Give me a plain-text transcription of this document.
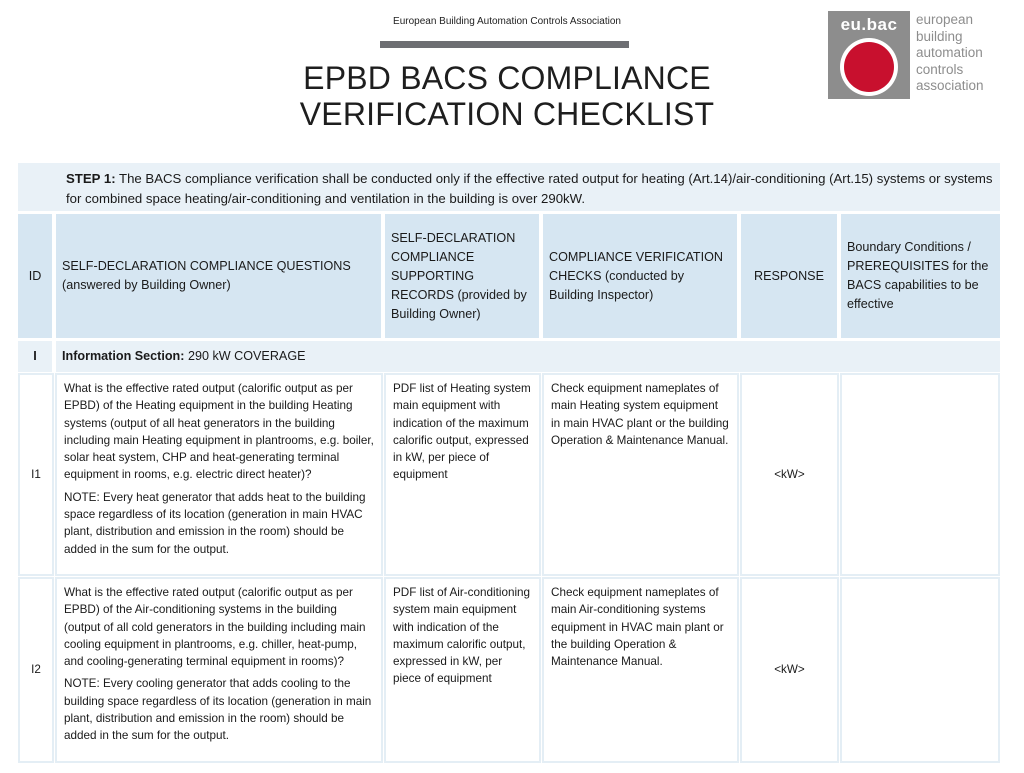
European Building Automation Controls Association
EPBD BACS COMPLIANCE
VERIFICATION CHECKLIST
eu.bac	european
building
automation
controls
association
STEP 1: The BACS compliance verification shall be conducted only if the effective rated output for heating (Art.14)/air-conditioning (Art.15) systems or systems for combined space heating/air-conditioning and ventilation in the building is over 290kW.
ID
SELF-DECLARATION COMPLIANCE QUESTIONS (answered by Building Owner)
SELF-DECLARATION COMPLIANCE SUPPORTING RECORDS (provided by Building Owner)
COMPLIANCE VERIFICATION CHECKS (conducted by Building Inspector)
RESPONSE
Boundary Conditions / PREREQUISITES for the BACS capabilities to be effective
I	Information Section: 290 kW COVERAGE
I1
What is the effective rated output (calorific output as per EPBD) of the Heating equipment in the building Heating systems (output of all heat generators in the building including main Heating equipment in plantrooms, e.g. boiler, solar heat system, CHP and heat-generating terminal equipment in rooms, e.g. electric direct heater)?
NOTE: Every heat generator that adds heat to the building space regardless of its location (generation in main HVAC plant, distribution and emission in the room) should be added in the sum for the output.
PDF list of Heating system main equipment with indication of the maximum calorific output, expressed in kW, per piece of equipment
Check equipment nameplates of main Heating system equipment in main HVAC plant or the building Operation & Maintenance Manual.
<kW>
I2
What is the effective rated output (calorific output as per EPBD) of the Air-conditioning systems in the building (output of all cold generators in the building including main cooling equipment in plantrooms, e.g. chiller, heat-pump, and cooling-generating terminal equipment in rooms)?
NOTE: Every cooling generator that adds cooling to the building space regardless of its location (generation in main plant, distribution and emission in the room) should be added in the sum for the output.
PDF list of Air-conditioning system main equipment with indication of the maximum calorific output, expressed in kW, per piece of equipment
Check equipment nameplates of main Air-conditioning systems equipment in HVAC main plant or the building Operation & Maintenance Manual.
<kW>
